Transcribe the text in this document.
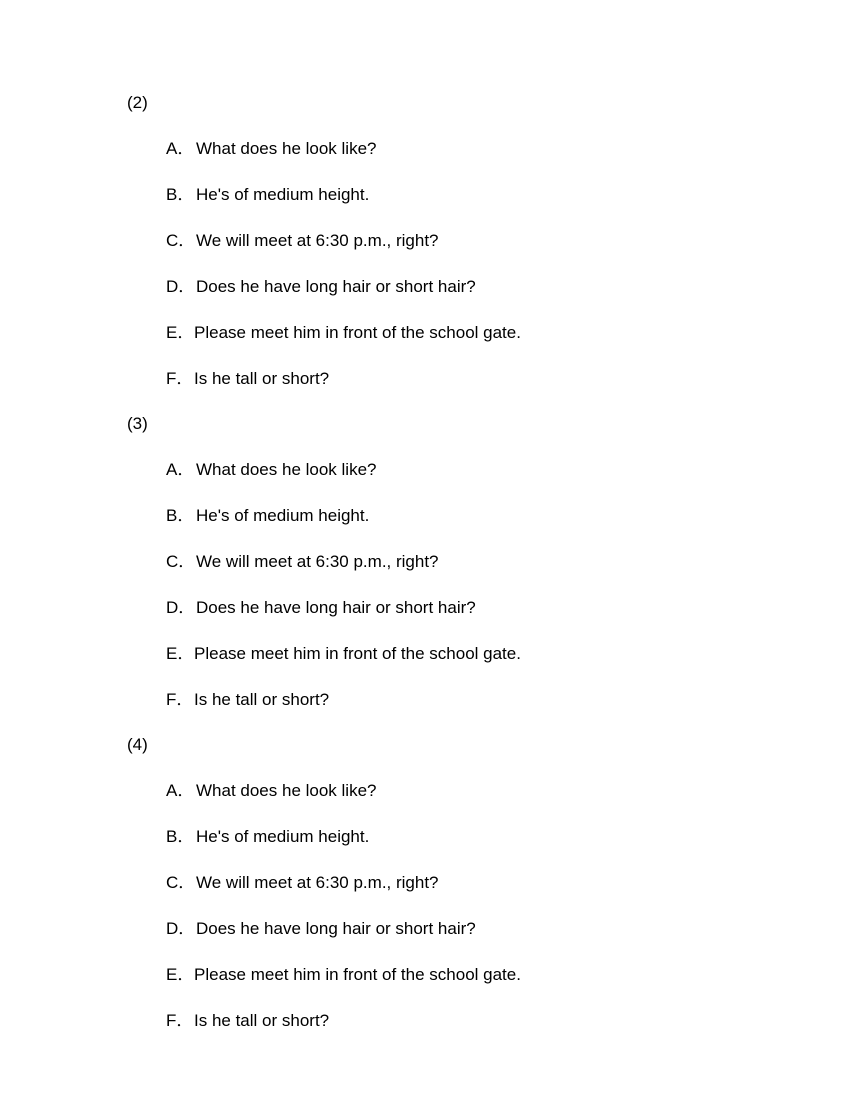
(2)
A．What does he look like?
B．He's of medium height.
C．We will meet at 6:30 p.m., right?
D．Does he have long hair or short hair?
E．Please meet him in front of the school gate.
F．Is he tall or short?
(3)
A．What does he look like?
B．He's of medium height.
C．We will meet at 6:30 p.m., right?
D．Does he have long hair or short hair?
E．Please meet him in front of the school gate.
F．Is he tall or short?
(4)
A．What does he look like?
B．He's of medium height.
C．We will meet at 6:30 p.m., right?
D．Does he have long hair or short hair?
E．Please meet him in front of the school gate.
F．Is he tall or short?
